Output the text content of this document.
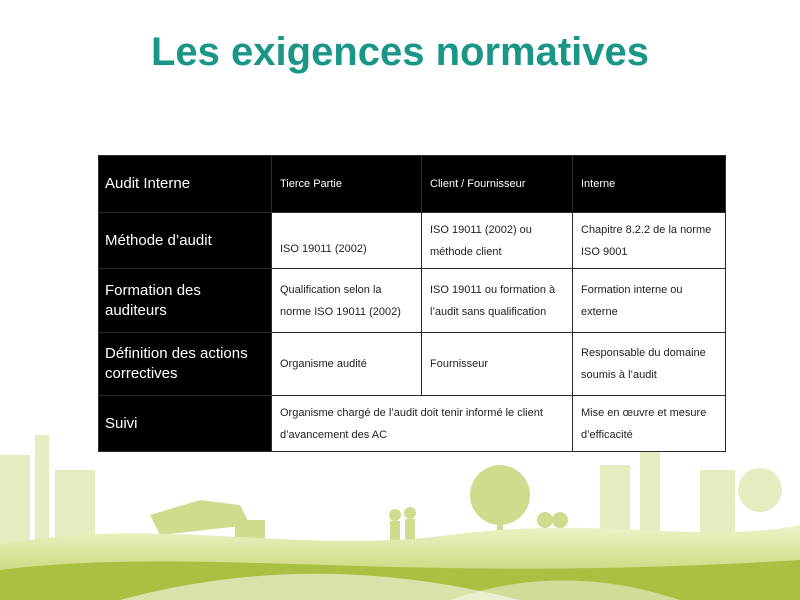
Les exigences normatives
Audit Interne	Tierce Partie	Client / Fournisseur	Interne

Méthode d’audit	ISO 19011 (2002)	ISO 19011 (2002) ou méthode client	Chapitre 8.2.2 de la norme ISO 9001

Formation des auditeurs	Qualification selon la norme ISO 19011 (2002)	ISO 19011 ou formation à l’audit sans qualification	Formation interne ou externe

Définition des actions correctives	Organisme audité	Fournisseur	Responsable du domaine soumis à l’audit

Suivi	Organisme chargé de l’audit doit tenir informé le client d’avancement des AC		Mise en œuvre et mesure d’efficacité
